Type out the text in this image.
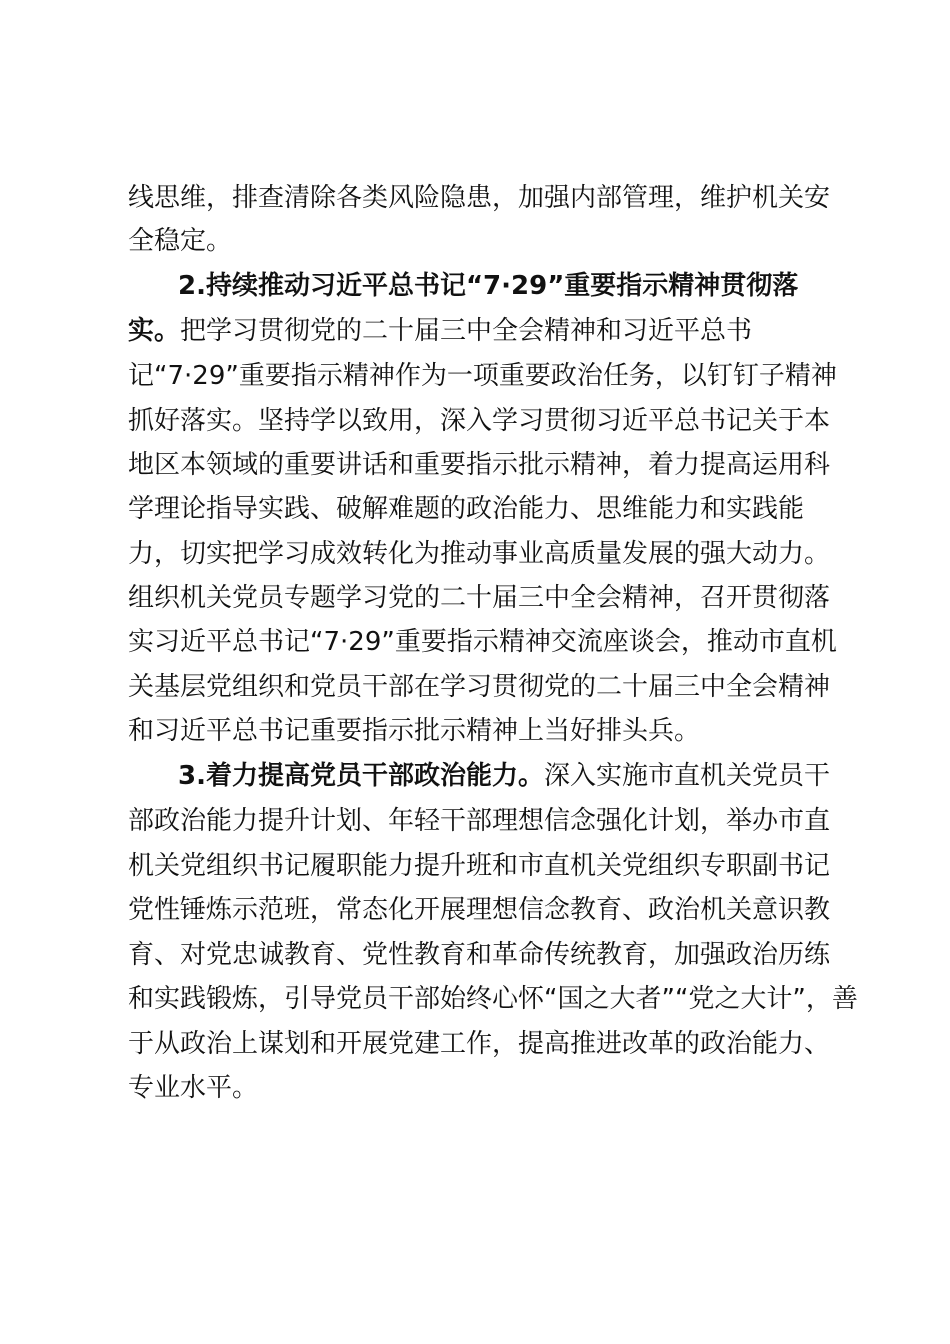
线思维，排查清除各类风险隐患，加强内部管理，维护机关安
全稳定。
2.持续推动习近平总书记“7·29”重要指示精神贯彻落
实。把学习贯彻党的二十届三中全会精神和习近平总书
记“7·29”重要指示精神作为一项重要政治任务，以钉钉子精神
抓好落实。坚持学以致用，深入学习贯彻习近平总书记关于本
地区本领域的重要讲话和重要指示批示精神，着力提高运用科
学理论指导实践、破解难题的政治能力、思维能力和实践能
力，切实把学习成效转化为推动事业高质量发展的强大动力。
组织机关党员专题学习党的二十届三中全会精神，召开贯彻落
实习近平总书记“7·29”重要指示精神交流座谈会，推动市直机
关基层党组织和党员干部在学习贯彻党的二十届三中全会精神
和习近平总书记重要指示批示精神上当好排头兵。
3.着力提高党员干部政治能力。深入实施市直机关党员干
部政治能力提升计划、年轻干部理想信念强化计划，举办市直
机关党组织书记履职能力提升班和市直机关党组织专职副书记
党性锤炼示范班，常态化开展理想信念教育、政治机关意识教
育、对党忠诚教育、党性教育和革命传统教育，加强政治历练
和实践锻炼，引导党员干部始终心怀“国之大者”“党之大计”，善
于从政治上谋划和开展党建工作，提高推进改革的政治能力、
专业水平。
